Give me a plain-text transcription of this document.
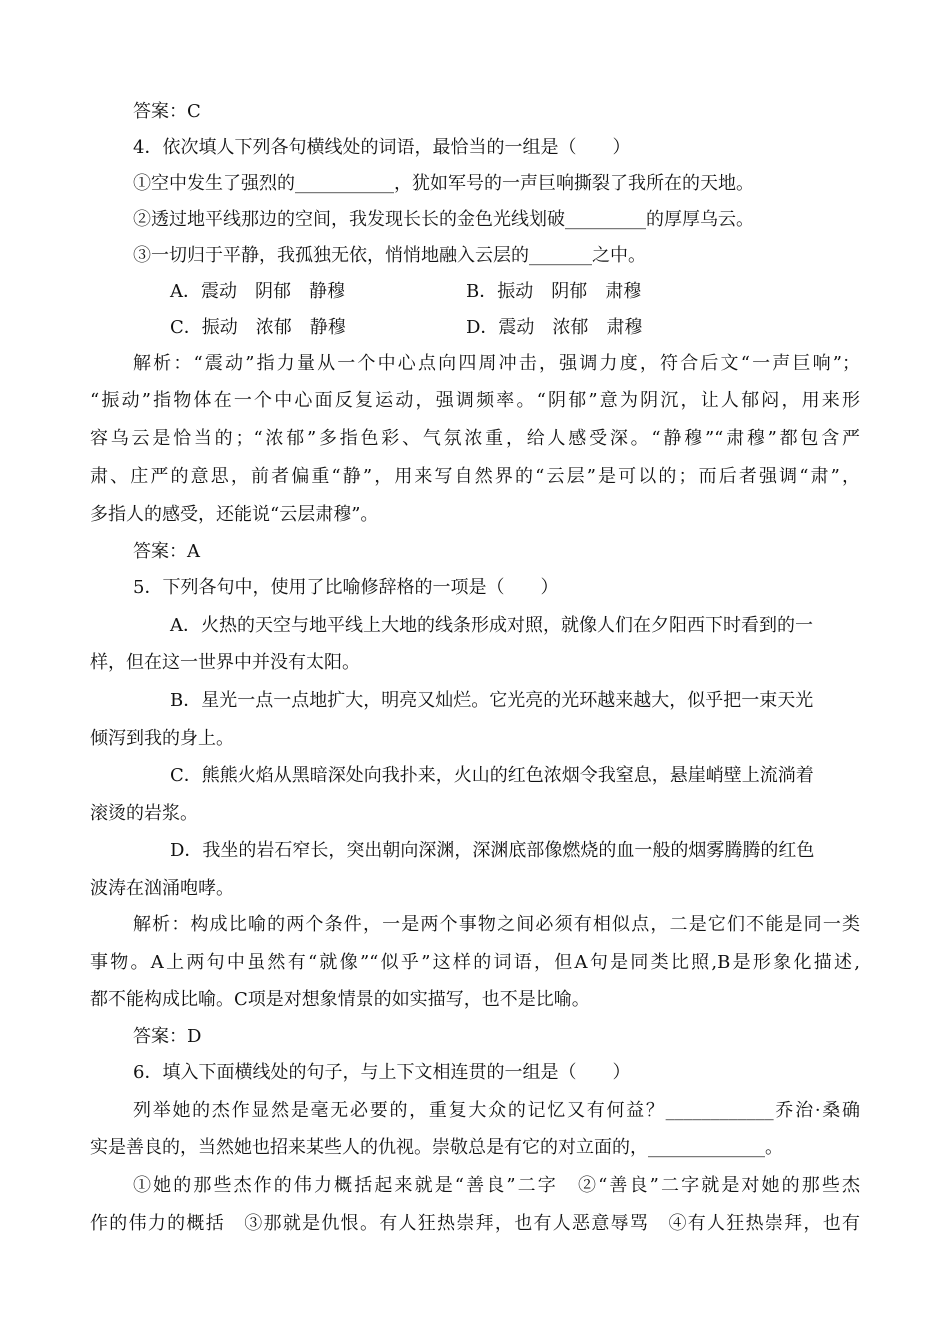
答案：C
4．依次填人下列各句横线处的词语，最恰当的一组是（　　）
①空中发生了强烈的___________，犹如军号的一声巨响撕裂了我所在的天地。
②透过地平线那边的空间，我发现长长的金色光线划破_________的厚厚乌云。
③一切归于平静，我孤独无依，悄悄地融入云层的_______之中。
A．震动　阴郁　静穆	B．振动　阴郁　肃穆
C．振动　浓郁　静穆	D．震动　浓郁　肃穆
解析：“震动”指力量从一个中心点向四周冲击，强调力度，符合后文“一声巨响”；
“振动”指物体在一个中心面反复运动，强调频率。“阴郁”意为阴沉，让人郁闷，用来形
容乌云是恰当的；“浓郁”多指色彩、气氛浓重，给人感受深。“静穆”“肃穆”都包含严
肃、庄严的意思，前者偏重“静”，用来写自然界的“云层”是可以的；而后者强调“肃”，
多指人的感受，还能说“云层肃穆”。
答案：A
5．下列各句中，使用了比喻修辞格的一项是（　　）
A．火热的天空与地平线上大地的线条形成对照，就像人们在夕阳西下时看到的一
样，但在这一世界中并没有太阳。
B．星光一点一点地扩大，明亮又灿烂。它光亮的光环越来越大，似乎把一束天光
倾泻到我的身上。
C．熊熊火焰从黑暗深处向我扑来，火山的红色浓烟令我窒息，悬崖峭壁上流淌着
滚烫的岩浆。
D．我坐的岩石窄长，突出朝向深渊，深渊底部像燃烧的血一般的烟雾腾腾的红色
波涛在汹涌咆哮。
解析：构成比喻的两个条件，一是两个事物之间必须有相似点，二是它们不能是同一类
事物。A上两句中虽然有“就像”“似乎”这样的词语，但A句是同类比照,B是形象化描述,
都不能构成比喻。C项是对想象情景的如实描写，也不是比喻。
答案：D
6．填入下面横线处的句子，与上下文相连贯的一组是（　　）
列举她的杰作显然是毫无必要的，重复大众的记忆又有何益？____________乔治·桑确
实是善良的，当然她也招来某些人的仇视。崇敬总是有它的对立面的，_____________。
①她的那些杰作的伟力概括起来就是“善良”二字　②“善良”二字就是对她的那些杰
作的伟力的概括　③那就是仇恨。有人狂热崇拜，也有人恶意辱骂　④有人狂热崇拜，也有
